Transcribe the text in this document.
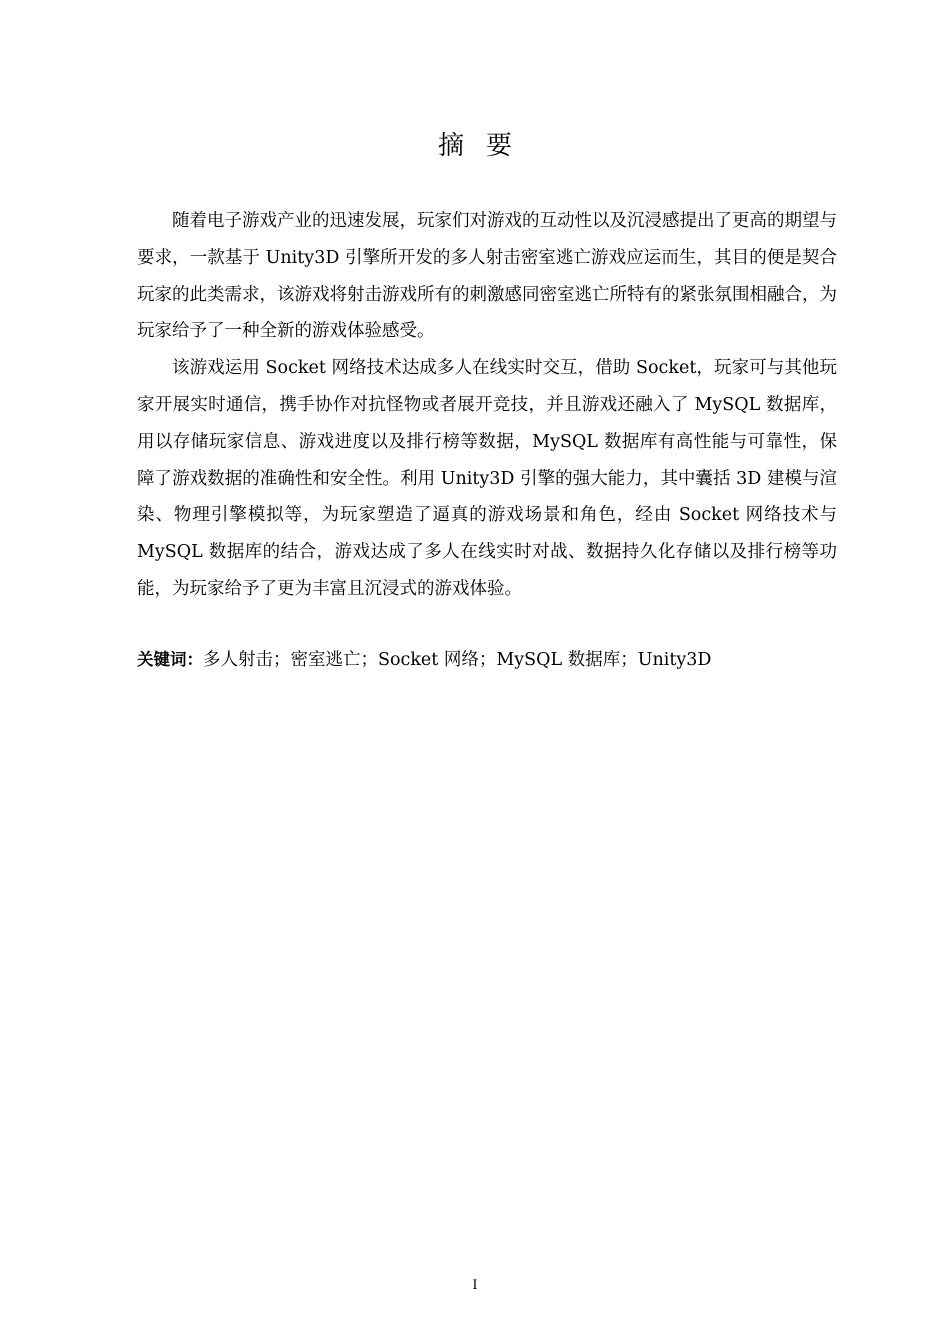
摘要

随着电子游戏产业的迅速发展，玩家们对游戏的互动性以及沉浸感提出了更高的期望与要求，一款基于 Unity3D 引擎所开发的多人射击密室逃亡游戏应运而生，其目的便是契合玩家的此类需求，该游戏将射击游戏所有的刺激感同密室逃亡所特有的紧张氛围相融合，为玩家给予了一种全新的游戏体验感受。

该游戏运用 Socket 网络技术达成多人在线实时交互，借助 Socket，玩家可与其他玩家开展实时通信，携手协作对抗怪物或者展开竞技，并且游戏还融入了 MySQL 数据库，用以存储玩家信息、游戏进度以及排行榜等数据，MySQL 数据库有高性能与可靠性，保障了游戏数据的准确性和安全性。利用 Unity3D 引擎的强大能力，其中囊括 3D 建模与渲染、物理引擎模拟等，为玩家塑造了逼真的游戏场景和角色，经由 Socket 网络技术与 MySQL 数据库的结合，游戏达成了多人在线实时对战、数据持久化存储以及排行榜等功能，为玩家给予了更为丰富且沉浸式的游戏体验。

关键词：多人射击；密室逃亡；Socket 网络；MySQL 数据库；Unity3D
I
